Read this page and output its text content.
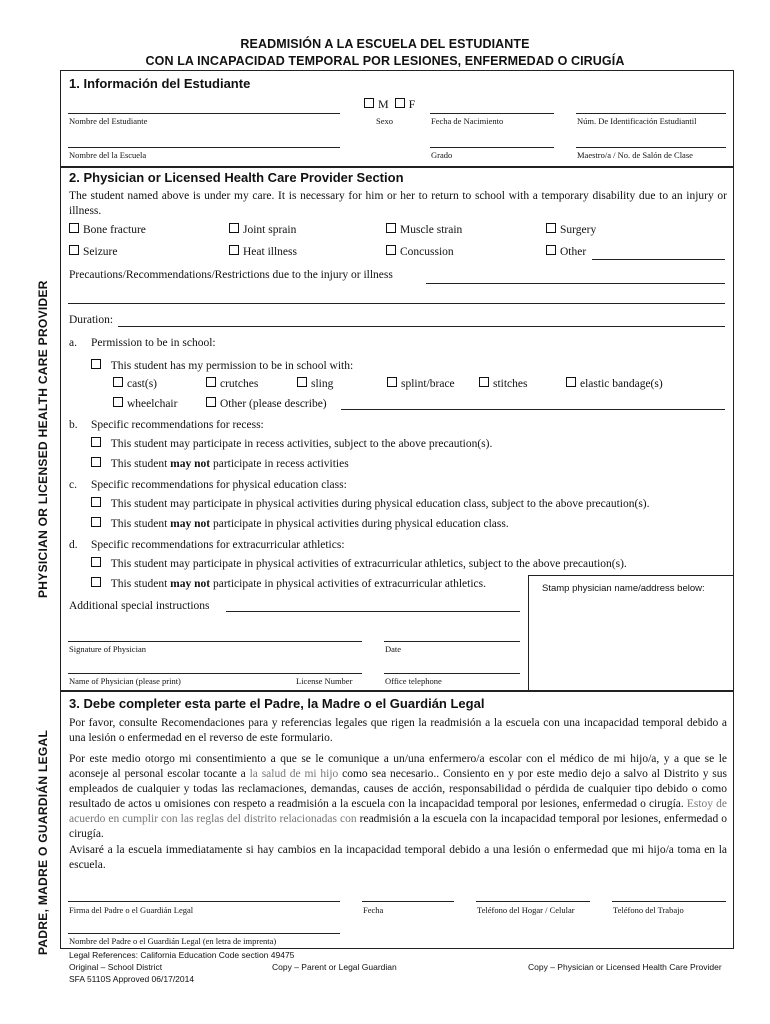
READMISIÓN A LA ESCUELA DEL ESTUDIANTE
CON LA INCAPACIDAD TEMPORAL POR LESIONES, ENFERMEDAD O CIRUGÍA
PHYSICIAN OR LICENSED HEALTH CARE PROVIDER
PADRE, MADRE O GUARDIÁN LEGAL
1. Información del Estudiante
M F
Nombre del Estudiante	Sexo	Fecha de Nacimiento	Núm. De Identificación Estudiantil
Nombre del la Escuela	Grado	Maestro/a / No. de Salón de Clase
2. Physician or Licensed Health Care Provider Section
The student named above is under my care. It is necessary for him or her to return to school with a temporary disability due to an injury or illness.
Bone fracture	Joint sprain	Muscle strain	Surgery
Seizure	Heat illness	Concussion	Other
Precautions/Recommendations/Restrictions due to the injury or illness
Duration:
a. Permission to be in school:
This student has my permission to be in school with:
cast(s)	crutches	sling	splint/brace	stitches	elastic bandage(s)
wheelchair	Other (please describe)
b. Specific recommendations for recess:
This student may participate in recess activities, subject to the above precaution(s).
This student may not participate in recess activities
c. Specific recommendations for physical education class:
This student may participate in physical activities during physical education class, subject to the above precaution(s).
This student may not participate in physical activities during physical education class.
d. Specific recommendations for extracurricular athletics:
This student may participate in physical activities of extracurricular athletics, subject to the above precaution(s).
This student may not participate in physical activities of extracurricular athletics.	Stamp physician name/address below:
Additional special instructions
Signature of Physician	Date
Name of Physician (please print)	License Number	Office telephone
3. Debe completer esta parte el Padre, la Madre o el Guardián Legal
Por favor, consulte Recomendaciones para y referencias legales que rigen la readmisión a la escuela con una incapacidad temporal debido a una lesión o enfermedad en el reverso de este formulario.
Por este medio otorgo mi consentimiento a que se le comunique a un/una enfermero/a escolar con el médico de mi hijo/a, y a que se le aconseje al personal escolar tocante a la salud de mi hijo como sea necesario.. Consiento en y por este medio dejo a salvo al Distrito y sus empleados de cualquier y todas las reclamaciones, demandas, causes de acción, responsabilidad o pérdida de cualquier tipo debido o como resultado de actos u omisiones con respeto a readmisión a la escuela con la incapacidad temporal por lesiones, enfermedad o cirugía. Estoy de acuerdo en cumplir con las reglas del distrito relacionadas con readmisión a la escuela con la incapacidad temporal por lesiones, enfermedad o cirugía.
Avisaré a la escuela immediatamente si hay cambios en la incapacidad temporal debido a una lesión o enfermedad que mi hijo/a toma en la escuela.
Firma del Padre o el Guardián Legal	Fecha	Teléfono del Hogar / Celular	Teléfono del Trabajo
Nombre del Padre o el Guardián Legal (en letra de imprenta)
Legal References: California Education Code section 49475
Original – School District	Copy – Parent or Legal Guardian	Copy – Physician or Licensed Health Care Provider
SFA 5110S Approved 06/17/2014
